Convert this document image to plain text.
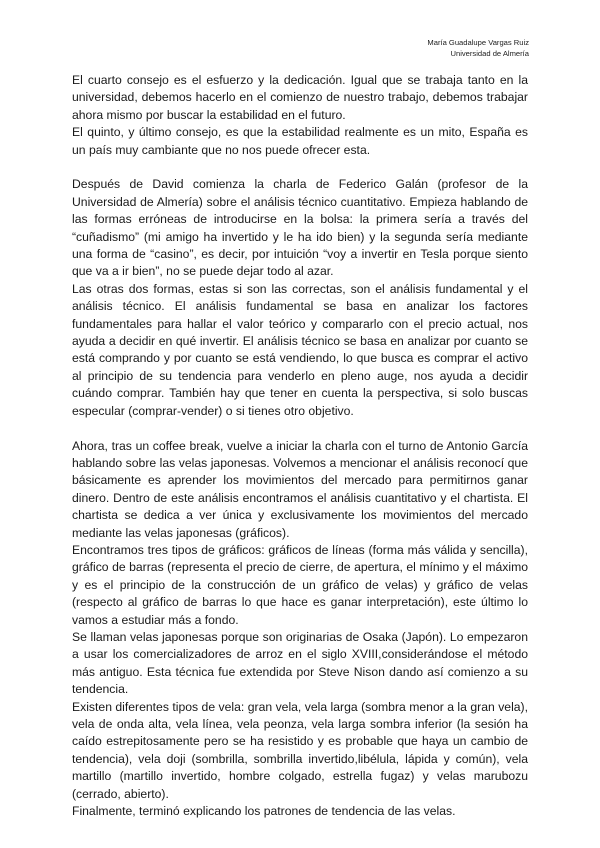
María Guadalupe Vargas Ruiz
Universidad de Almería

El cuarto consejo es el esfuerzo y la dedicación. Igual que se trabaja tanto en la universidad, debemos hacerlo en el comienzo de nuestro trabajo, debemos trabajar ahora mismo por buscar la estabilidad en el futuro.

El quinto, y último consejo, es que la estabilidad realmente es un mito, España es un país muy cambiante que no nos puede ofrecer esta.

Después de David comienza la charla de Federico Galán (profesor de la Universidad de Almería) sobre el análisis técnico cuantitativo. Empieza hablando de las formas erróneas de introducirse en la bolsa: la primera sería a través del “cuñadismo” (mi amigo ha invertido y le ha ido bien) y la segunda sería mediante una forma de “casino”, es decir, por intuición “voy a invertir en Tesla porque siento que va a ir bien”, no se puede dejar todo al azar.

Las otras dos formas, estas si son las correctas, son el análisis fundamental y el análisis técnico. El análisis fundamental se basa en analizar los factores fundamentales para hallar el valor teórico y compararlo con el precio actual, nos ayuda a decidir en qué invertir. El análisis técnico se basa en analizar por cuanto se está comprando y por cuanto se está vendiendo, lo que busca es comprar el activo al principio de su tendencia para venderlo en pleno auge, nos ayuda a decidir cuándo comprar. También hay que tener en cuenta la perspectiva, si solo buscas especular (comprar-vender) o si tienes otro objetivo.

Ahora, tras un coffee break, vuelve a iniciar la charla con el turno de Antonio García hablando sobre las velas japonesas. Volvemos a mencionar el análisis reconocí que básicamente es aprender los movimientos del mercado para permitirnos ganar dinero. Dentro de este análisis encontramos el análisis cuantitativo y el chartista. El chartista se dedica a ver única y exclusivamente los movimientos del mercado mediante las velas japonesas (gráficos).

Encontramos tres tipos de gráficos: gráficos de líneas (forma más válida y sencilla), gráfico de barras (representa el precio de cierre, de apertura, el mínimo y el máximo y es el principio de la construcción de un gráfico de velas) y gráfico de velas (respecto al gráfico de barras lo que hace es ganar interpretación), este último lo vamos a estudiar más a fondo.

Se llaman velas japonesas porque son originarias de Osaka (Japón). Lo empezaron a usar los comercializadores de arroz en el siglo XVIII,considerándose el método más antiguo. Esta técnica fue extendida por Steve Nison dando así comienzo a su tendencia.

Existen diferentes tipos de vela: gran vela, vela larga (sombra menor a la gran vela), vela de onda alta, vela línea, vela peonza, vela larga sombra inferior (la sesión ha caído estrepitosamente pero se ha resistido y es probable que haya un cambio de tendencia), vela doji (sombrilla, sombrilla invertido,libélula, lápida y común), vela martillo (martillo invertido, hombre colgado, estrella fugaz) y velas marubozu (cerrado, abierto).

Finalmente, terminó explicando los patrones de tendencia de las velas.
